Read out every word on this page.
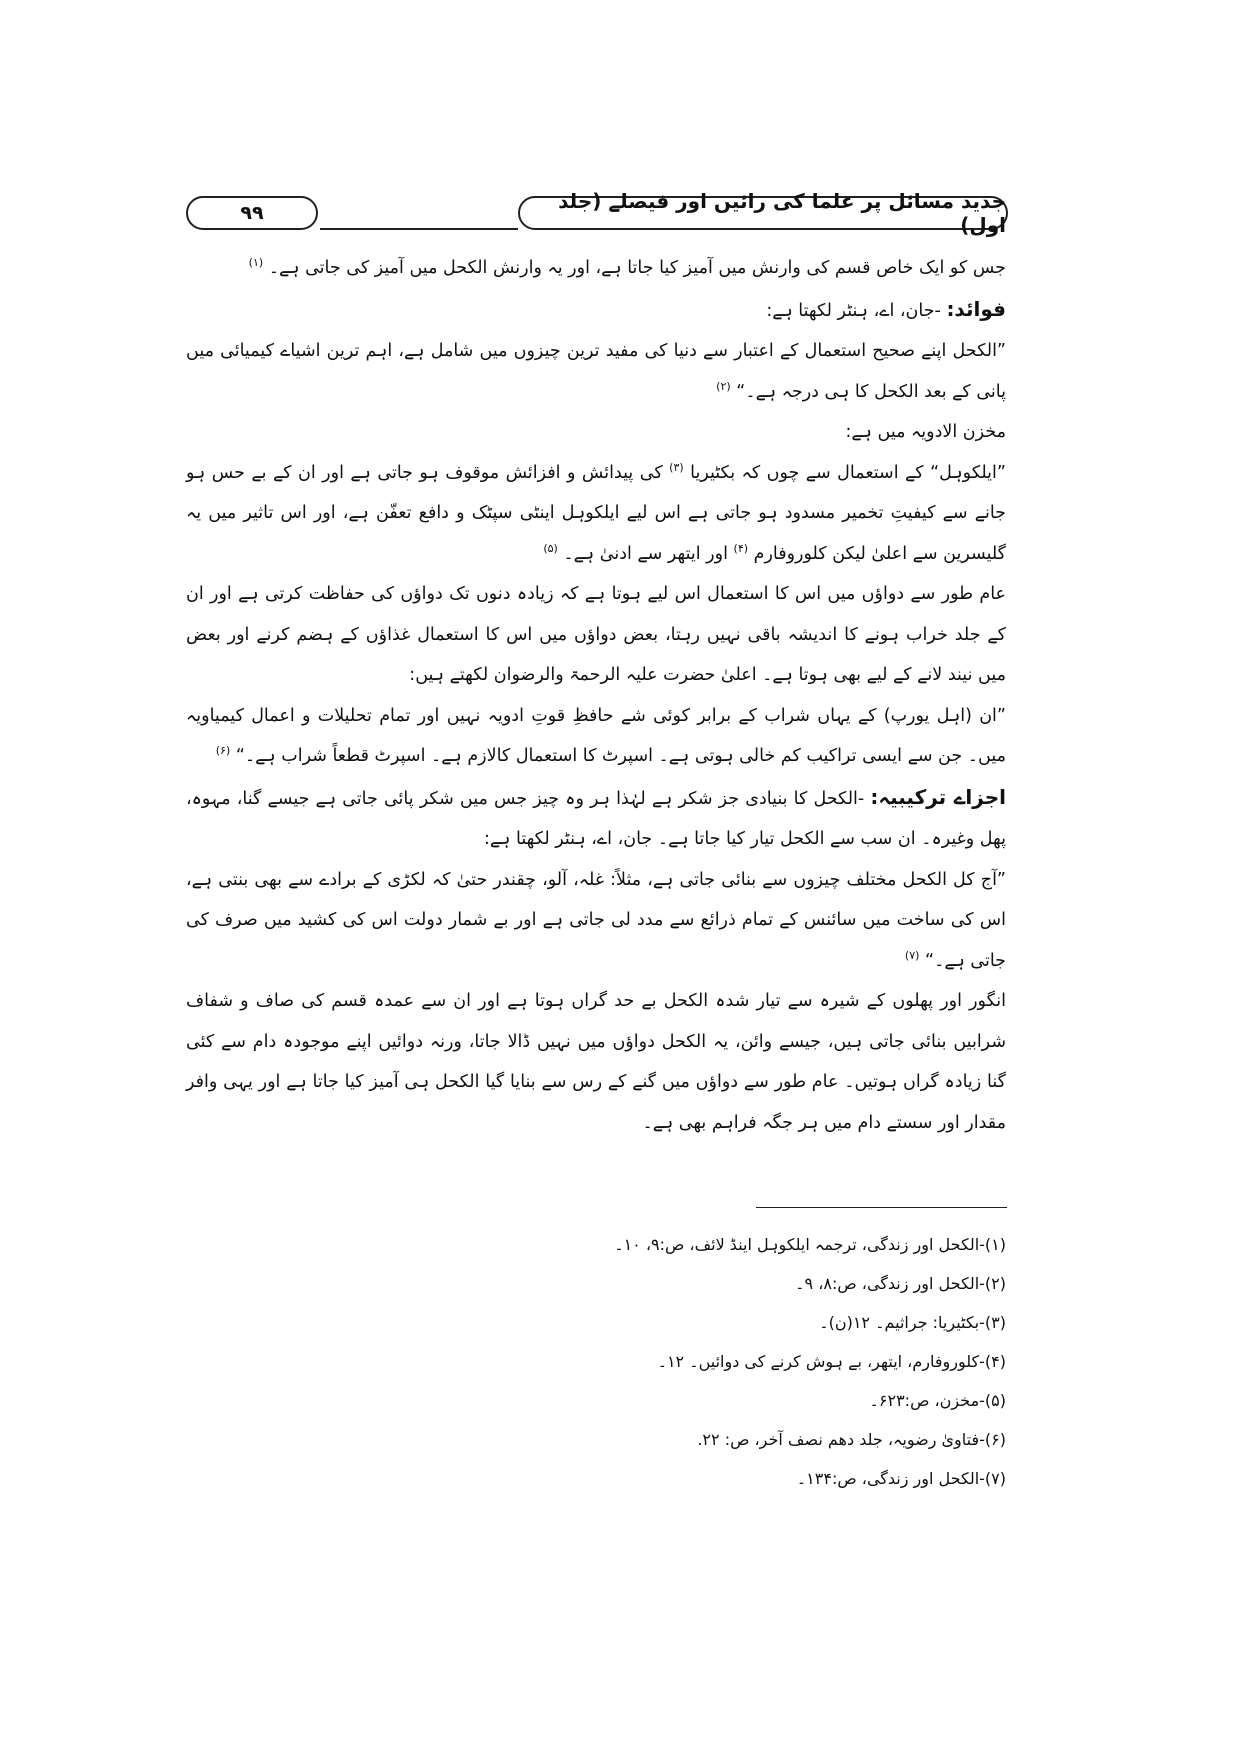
جدید مسائل پر علما کی رائیں اور فیصلے (جلد اول)
۹۹

جس کو ایک خاص قسم کی وارنش میں آمیز کیا جاتا ہے، اور یہ وارنش الکحل میں آمیز کی جاتی ہے۔ $^{(۱)}$

فوائد: -جان، اے، ہنٹر لکھتا ہے:

”الکحل اپنے صحیح استعمال کے اعتبار سے دنیا کی مفید ترین چیزوں میں شامل ہے، اہم ترین اشیاے کیمیائی میں پانی کے بعد الکحل کا ہی درجہ ہے۔“ $^{(۲)}$

مخزن الادویہ میں ہے:

”ایلکوہل“ کے استعمال سے چوں کہ بکٹیریا $^{(۳)}$ کی پیدائش و افزائش موقوف ہو جاتی ہے اور ان کے بے حس ہو جانے سے کیفیتِ تخمیر مسدود ہو جاتی ہے اس لیے ایلکوہل اینٹی سپٹک و دافع تعفّن ہے، اور اس تاثیر میں یہ گلیسرین سے اعلیٰ لیکن کلوروفارم $^{(۴)}$ اور ایتھر سے ادنیٰ ہے۔ $^{(۵)}$

عام طور سے دواؤں میں اس کا استعمال اس لیے ہوتا ہے کہ زیادہ دنوں تک دواؤں کی حفاظت کرتی ہے اور ان کے جلد خراب ہونے کا اندیشہ باقی نہیں رہتا، بعض دواؤں میں اس کا استعمال غذاؤں کے ہضم کرنے اور بعض میں نیند لانے کے لیے بھی ہوتا ہے۔ اعلیٰ حضرت علیہ الرحمۃ والرضوان لکھتے ہیں:

”ان (اہل یورپ) کے یہاں شراب کے برابر کوئی شے حافظِ قوتِ ادویہ نہیں اور تمام تحلیلات و اعمال کیمیاویہ میں۔ جن سے ایسی تراکیب کم خالی ہوتی ہے۔ اسپرٹ کا استعمال کالازم ہے۔ اسپرٹ قطعاً شراب ہے۔“ $^{(۶)}$

اجزاے ترکیبیہ: -الکحل کا بنیادی جز شکر ہے لہٰذا ہر وہ چیز جس میں شکر پائی جاتی ہے جیسے گنا، مہوہ، پھل وغیرہ۔ ان سب سے الکحل تیار کیا جاتا ہے۔ جان، اے، ہنٹر لکھتا ہے:

”آج کل الکحل مختلف چیزوں سے بنائی جاتی ہے، مثلاً: غلہ، آلو، چقندر حتیٰ کہ لکڑی کے برادے سے بھی بنتی ہے، اس کی ساخت میں سائنس کے تمام ذرائع سے مدد لی جاتی ہے اور بے شمار دولت اس کی کشید میں صرف کی جاتی ہے۔“ $^{(۷)}$

انگور اور پھلوں کے شیرہ سے تیار شدہ الکحل بے حد گراں ہوتا ہے اور ان سے عمدہ قسم کی صاف و شفاف شرابیں بنائی جاتی ہیں، جیسے وائن، یہ الکحل دواؤں میں نہیں ڈالا جاتا، ورنہ دوائیں اپنے موجودہ دام سے کئی گنا زیادہ گراں ہوتیں۔ عام طور سے دواؤں میں گنے کے رس سے بنایا گیا الکحل ہی آمیز کیا جاتا ہے اور یہی وافر مقدار اور سستے دام میں ہر جگہ فراہم بھی ہے۔

(۱)-الکحل اور زندگی، ترجمہ ایلکوہل اینڈ لائف، ص:۹، ۱۰۔
(۲)-الکحل اور زندگی، ص:۸، ۹۔
(۳)-بکٹیریا: جراثیم۔ ۱۲(ن)۔
(۴)-کلوروفارم، ایتھر، بے ہوش کرنے کی دوائیں۔ ۱۲۔
(۵)-مخزن، ص:۶۲۳۔
(۶)-فتاویٰ رضویہ، جلد دھم نصف آخر، ص: ۲۲.
(۷)-الکحل اور زندگی، ص:۱۳۴۔
